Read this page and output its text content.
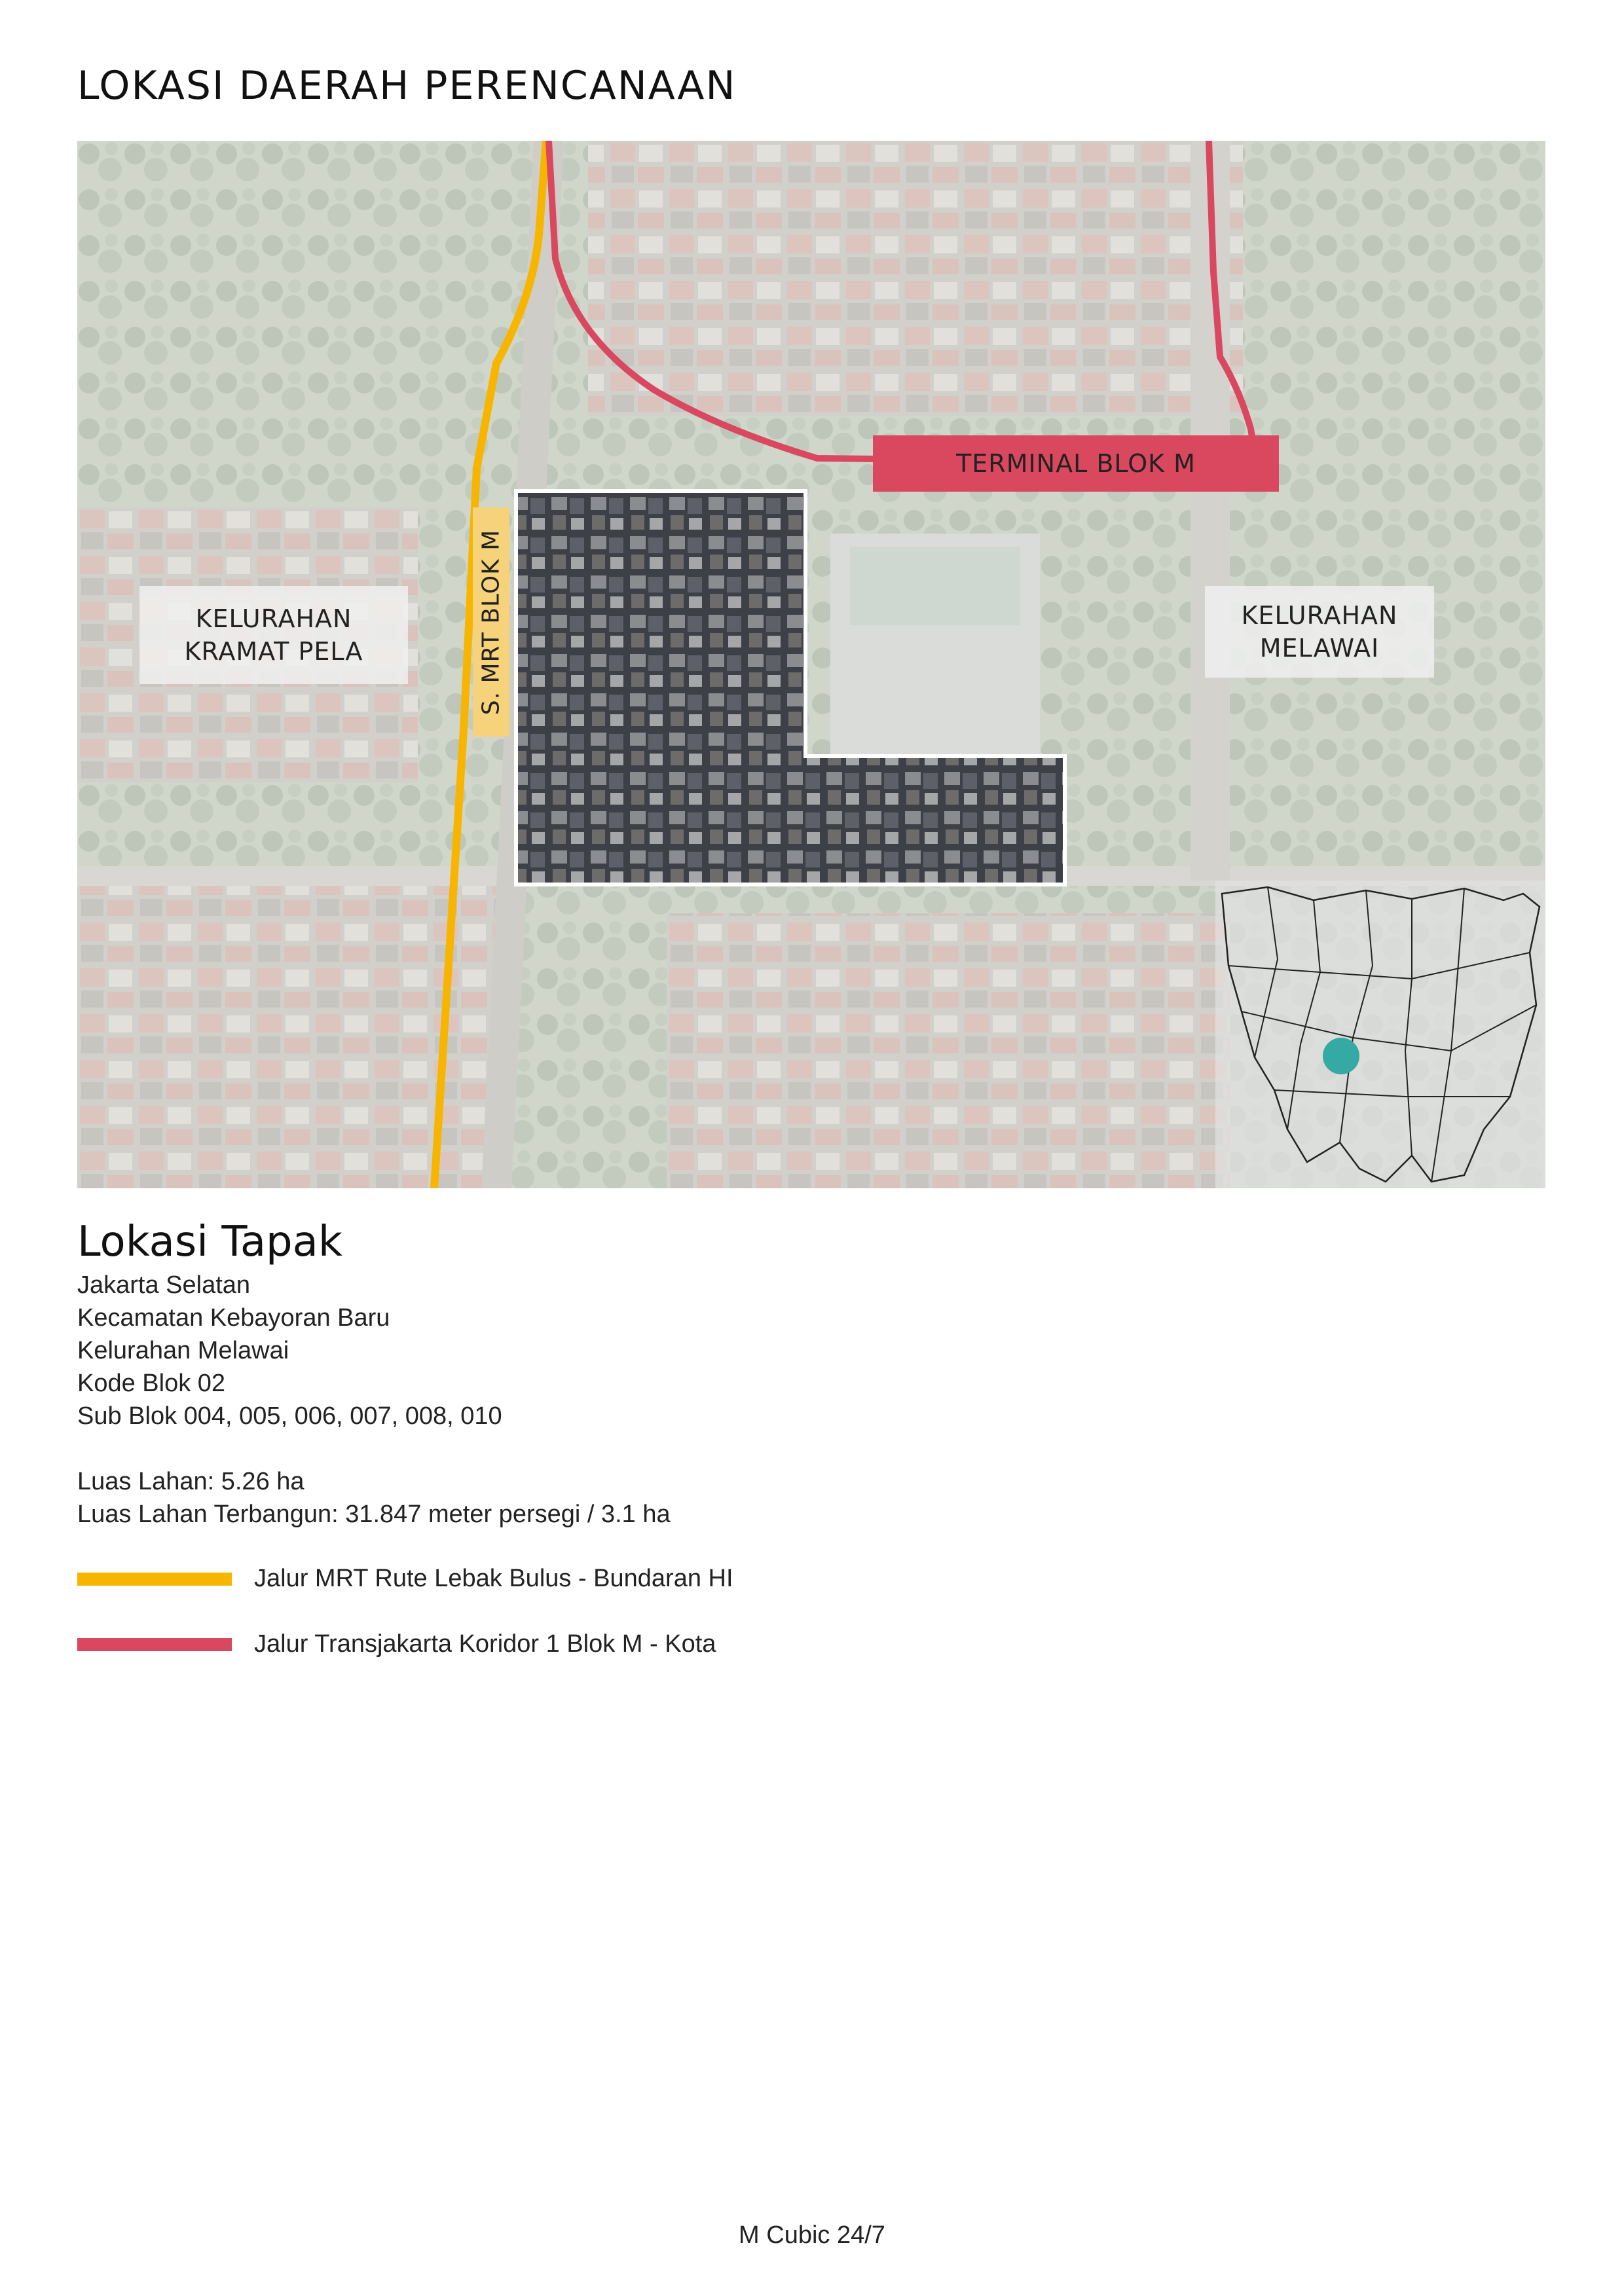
LOKASI DAERAH PERENCANAAN
KELURAHAN
KRAMAT PELA
KELURAHAN
MELAWAI
TERMINAL BLOK M
S. MRT BLOK M
Lokasi Tapak
Jakarta Selatan
Kecamatan Kebayoran Baru
Kelurahan Melawai
Kode Blok 02
Sub Blok 004, 005, 006, 007, 008, 010
Luas Lahan: 5.26 ha
Luas Lahan Terbangun: 31.847 meter persegi / 3.1 ha
Jalur MRT Rute Lebak Bulus - Bundaran HI
Jalur Transjakarta Koridor 1 Blok M - Kota
M Cubic 24/7
